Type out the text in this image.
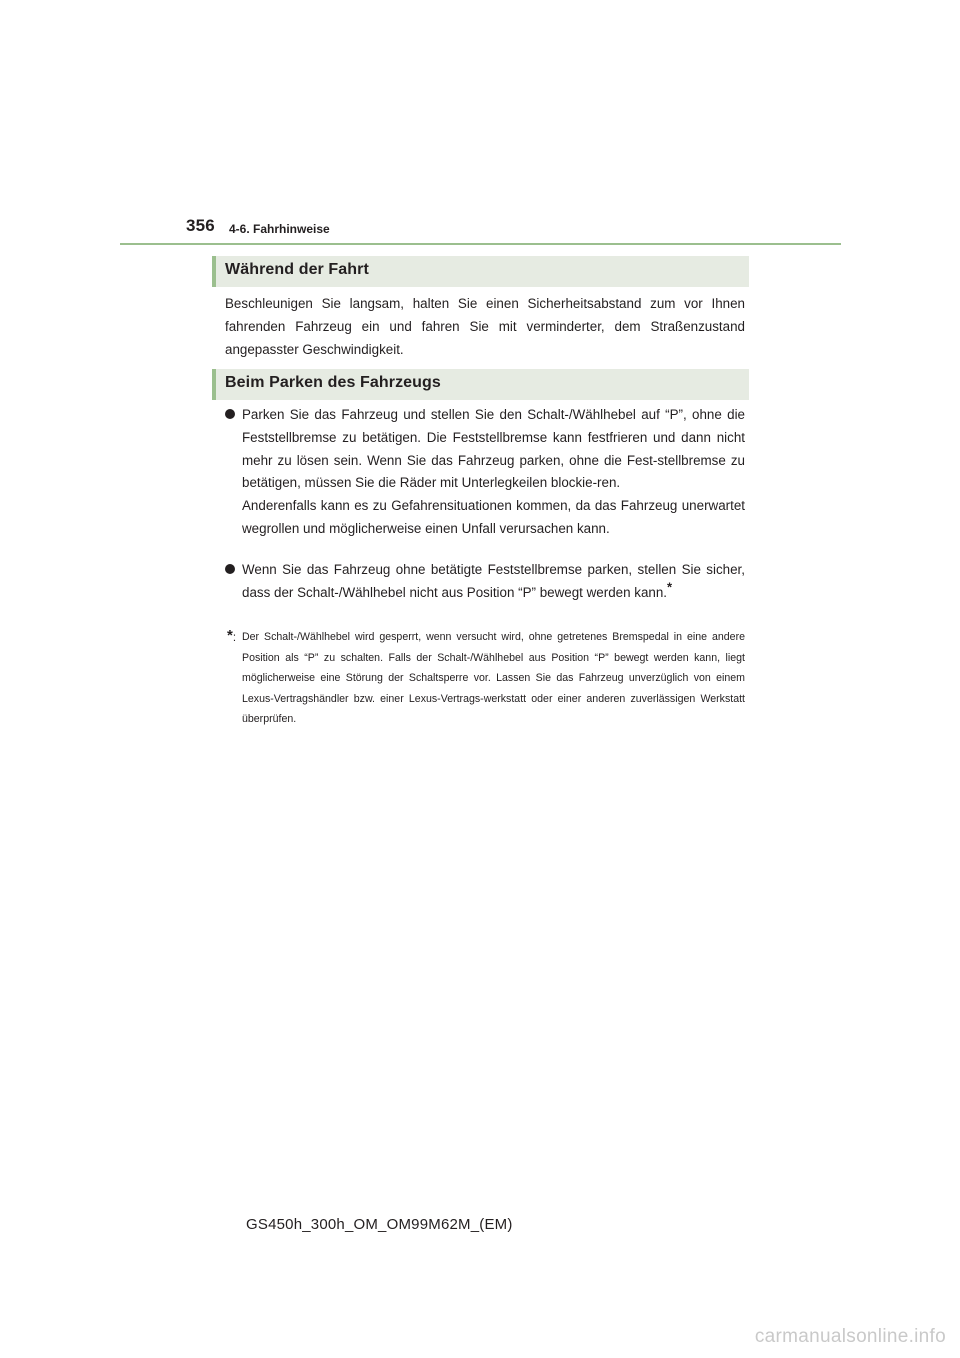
356 4-6. Fahrhinweise
Während der Fahrt
Beschleunigen Sie langsam, halten Sie einen Sicherheitsabstand zum vor Ihnen fahrenden Fahrzeug ein und fahren Sie mit verminderter, dem Straßenzustand angepasster Geschwindigkeit.
Beim Parken des Fahrzeugs

Parken Sie das Fahrzeug und stellen Sie den Schalt-/Wählhebel auf “P”, ohne die Feststellbremse zu betätigen. Die Feststellbremse kann festfrieren und dann nicht mehr zu lösen sein. Wenn Sie das Fahrzeug parken, ohne die Fest-stellbremse zu betätigen, müssen Sie die Räder mit Unterlegkeilen blockie-ren.

Anderenfalls kann es zu Gefahrensituationen kommen, da das Fahrzeug unerwartet wegrollen und möglicherweise einen Unfall verursachen kann.

Wenn Sie das Fahrzeug ohne betätigte Feststellbremse parken, stellen Sie sicher, dass der Schalt-/Wählhebel nicht aus Position “P” bewegt werden kann.*
*: Der Schalt-/Wählhebel wird gesperrt, wenn versucht wird, ohne getretenes Bremspedal in eine andere Position als “P” zu schalten. Falls der Schalt-/Wählhebel aus Position “P” bewegt werden kann, liegt möglicherweise eine Störung der Schaltsperre vor. Lassen Sie das Fahrzeug unverzüglich von einem Lexus-Vertragshändler bzw. einer Lexus-Vertrags-werkstatt oder einer anderen zuverlässigen Werkstatt überprüfen.
GS450h_300h_OM_OM99M62M_(EM)
carmanualsonline.info
